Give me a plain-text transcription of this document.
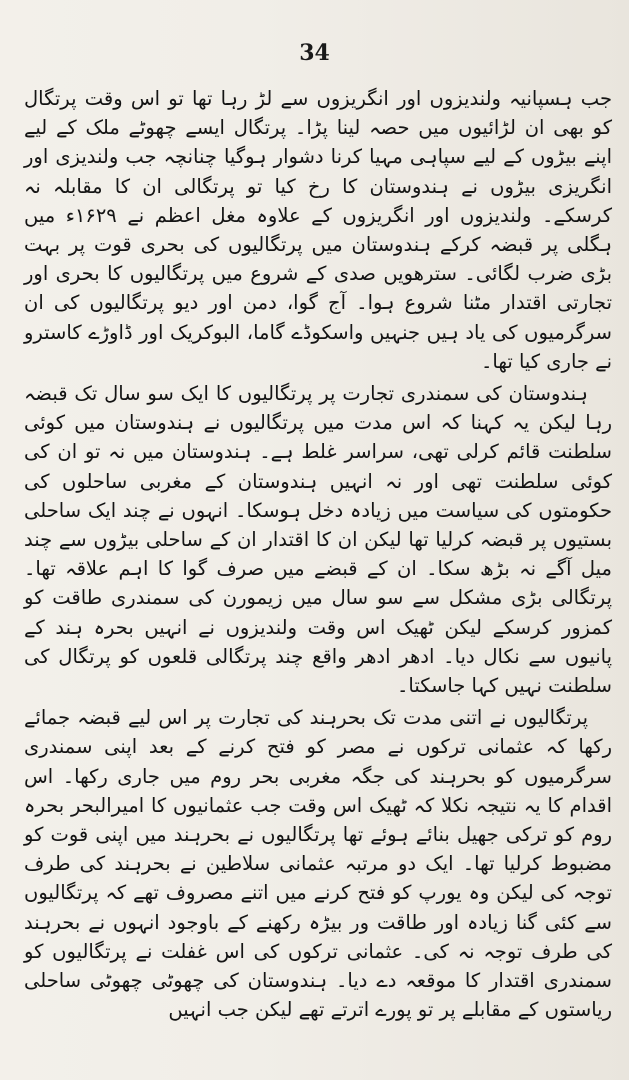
34

جب ہسپانیہ ولندیزوں اور انگریزوں سے لڑ رہا تھا تو اس وقت پرتگال کو بھی ان لڑائیوں میں حصہ لینا پڑا۔ پرتگال ایسے چھوٹے ملک کے لیے اپنے بیڑوں کے لیے سپاہی مہیا کرنا دشوار ہوگیا چنانچہ جب ولندیزی اور انگریزی بیڑوں نے ہندوستان کا رخ کیا تو پرتگالی ان کا مقابلہ نہ کرسکے۔ ولندیزوں اور انگریزوں کے علاوہ مغل اعظم نے ۱۶۲۹ء میں ہگلی پر قبضہ کرکے ہندوستان میں پرتگالیوں کی بحری قوت پر بہت بڑی ضرب لگائی۔ سترھویں صدی کے شروع میں پرتگالیوں کا بحری اور تجارتی اقتدار مٹنا شروع ہوا۔ آج گوا، دمن اور دیو پرتگالیوں کی ان سرگرمیوں کی یاد ہیں جنہیں واسکوڈے گاما، البوکریک اور ڈاوڑے کاسترو نے جاری کیا تھا۔

ہندوستان کی سمندری تجارت پر پرتگالیوں کا ایک سو سال تک قبضہ رہا لیکن یہ کہنا کہ اس مدت میں پرتگالیوں نے ہندوستان میں کوئی سلطنت قائم کرلی تھی، سراسر غلط ہے۔ ہندوستان میں نہ تو ان کی کوئی سلطنت تھی اور نہ انہیں ہندوستان کے مغربی ساحلوں کی حکومتوں کی سیاست میں زیادہ دخل ہوسکا۔ انہوں نے چند ایک ساحلی بستیوں پر قبضہ کرلیا تھا لیکن ان کا اقتدار ان کے ساحلی بیڑوں سے چند میل آگے نہ بڑھ سکا۔ ان کے قبضے میں صرف گوا کا اہم علاقہ تھا۔ پرتگالی بڑی مشکل سے سو سال میں زیمورن کی سمندری طاقت کو کمزور کرسکے لیکن ٹھیک اس وقت ولندیزوں نے انہیں بحرہ ہند کے پانیوں سے نکال دیا۔ ادھر ادھر واقع چند پرتگالی قلعوں کو پرتگال کی سلطنت نہیں کہا جاسکتا۔

پرتگالیوں نے اتنی مدت تک بحرہند کی تجارت پر اس لیے قبضہ جمائے رکھا کہ عثمانی ترکوں نے مصر کو فتح کرنے کے بعد اپنی سمندری سرگرمیوں کو بحرہند کی جگہ مغربی بحر روم میں جاری رکھا۔ اس اقدام کا یہ نتیجہ نکلا کہ ٹھیک اس وقت جب عثمانیوں کا امیرالبحر بحرہ روم کو ترکی جھیل بنائے ہوئے تھا پرتگالیوں نے بحرہند میں اپنی قوت کو مضبوط کرلیا تھا۔ ایک دو مرتبہ عثمانی سلاطین نے بحرہند کی طرف توجہ کی لیکن وہ یورپ کو فتح کرنے میں اتنے مصروف تھے کہ پرتگالیوں سے کئی گنا زیادہ اور طاقت ور بیڑہ رکھنے کے باوجود انہوں نے بحرہند کی طرف توجہ نہ کی۔ عثمانی ترکوں کی اس غفلت نے پرتگالیوں کو سمندری اقتدار کا موقعہ دے دیا۔ ہندوستان کی چھوٹی چھوٹی ساحلی ریاستوں کے مقابلے پر تو پورے اترتے تھے لیکن جب انہیں
